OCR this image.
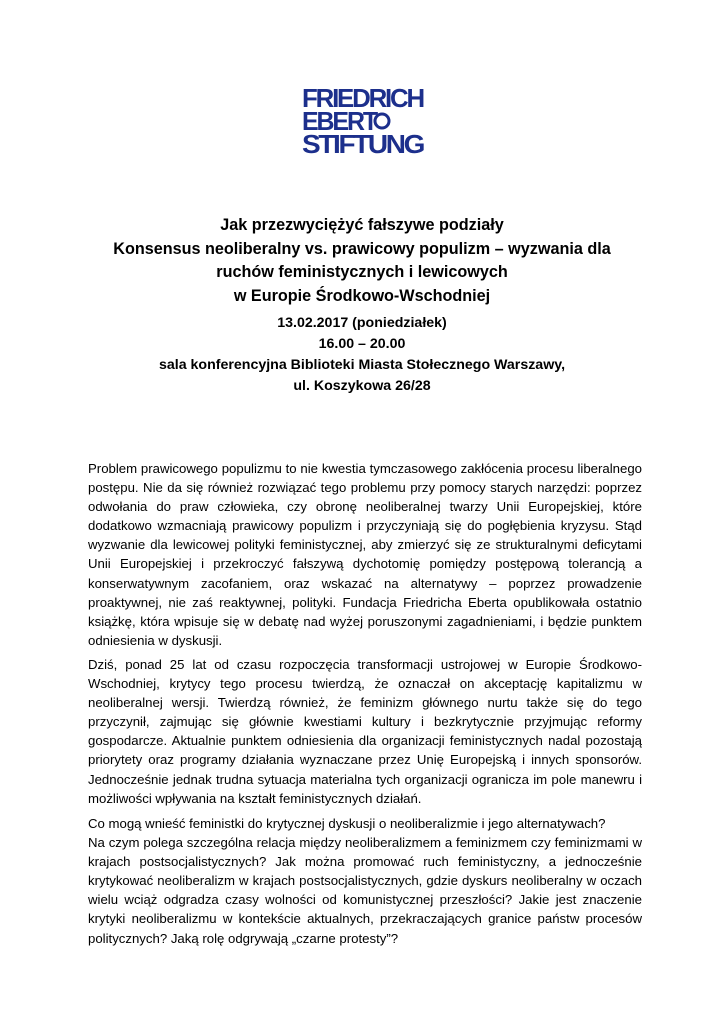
FRIEDRICH
EBERT
STIFTUNG
Jak przezwyciężyć fałszywe podziały
Konsensus neoliberalny vs. prawicowy populizm – wyzwania dla
ruchów feministycznych i lewicowych
w Europie Środkowo-Wschodniej
13.02.2017 (poniedziałek)
16.00 – 20.00
sala konferencyjna Biblioteki Miasta Stołecznego Warszawy,
ul. Koszykowa 26/28

Problem prawicowego populizmu to nie kwestia tymczasowego zakłócenia procesu liberalnego postępu. Nie da się również rozwiązać tego problemu przy pomocy starych narzędzi: poprzez odwołania do praw człowieka, czy obronę neoliberalnej twarzy Unii Europejskiej, które dodatkowo wzmacniają prawicowy populizm i przyczyniają się do pogłębienia kryzysu. Stąd wyzwanie dla lewicowej polityki feministycznej, aby zmierzyć się ze strukturalnymi deficytami Unii Europejskiej i przekroczyć fałszywą dychotomię pomiędzy postępową tolerancją a konserwatywnym zacofaniem, oraz wskazać na alternatywy – poprzez prowadzenie proaktywnej, nie zaś reaktywnej, polityki. Fundacja Friedricha Eberta opublikowała ostatnio książkę, która wpisuje się w debatę nad wyżej poruszonymi zagadnieniami, i będzie punktem odniesienia w dyskusji.

Dziś, ponad 25 lat od czasu rozpoczęcia transformacji ustrojowej w Europie Środkowo-Wschodniej, krytycy tego procesu twierdzą, że oznaczał on akceptację kapitalizmu w neoliberalnej wersji. Twierdzą również, że feminizm głównego nurtu także się do tego przyczynił, zajmując się głównie kwestiami kultury i bezkrytycznie przyjmując reformy gospodarcze. Aktualnie punktem odniesienia dla organizacji feministycznych nadal pozostają priorytety oraz programy działania wyznaczane przez Unię Europejską i innych sponsorów. Jednocześnie jednak trudna sytuacja materialna tych organizacji ogranicza im pole manewru i możliwości wpływania na kształt feministycznych działań.

Co mogą wnieść feministki do krytycznej dyskusji o neoliberalizmie i jego alternatywach?
Na czym polega szczególna relacja między neoliberalizmem a feminizmem czy feminizmami w krajach postsocjalistycznych? Jak można promować ruch feministyczny, a jednocześnie krytykować neoliberalizm w krajach postsocjalistycznych, gdzie dyskurs neoliberalny w oczach wielu wciąż odgradza czasy wolności od komunistycznej przeszłości? Jakie jest znaczenie krytyki neoliberalizmu w kontekście aktualnych, przekraczających granice państw procesów politycznych? Jaką rolę odgrywają „czarne protesty”?
